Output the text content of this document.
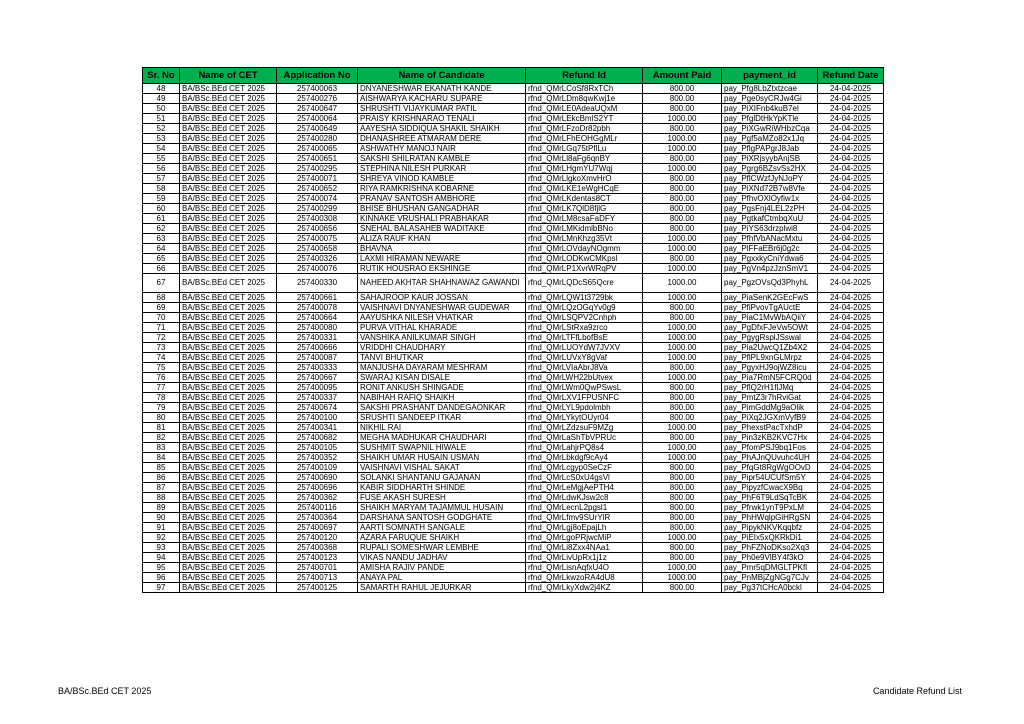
Sr. No	Name of CET	Application No	Name of Candidate	Refund Id	Amount Paid	payment_id	Refund Date
48	BA/BSc.BEd CET 2025	257400063	DNYANESHWAR EKANATH KANDE	rfnd_QMrLCoSf8RxTCh	800.00	pay_Pfg8LbZtxtzcae	24-04-2025
49	BA/BSc.BEd CET 2025	257400276	AISHWARYA KACHARU SUPARE	rfnd_QMrLDm8qwKwj1e	800.00	pay_Pge0syCRJw4Gi	24-04-2025
50	BA/BSc.BEd CET 2025	257400647	SHRUSHTI VIJAYKUMAR PATIL	rfnd_QMrLE0AdeaUQxM	800.00	pay_PiXIFnb4kuB7el	24-04-2025
51	BA/BSc.BEd CET 2025	257400064	PRAISY KRISHNARAO TENALI	rfnd_QMrLEkcBmlS2YT	1000.00	pay_PfglDtHkYpKTle	24-04-2025
52	BA/BSc.BEd CET 2025	257400649	AAYESHA SIDDIQUA SHAKIL SHAIKH	rfnd_QMrLFzoDr82pbh	800.00	pay_PiXGwRiWHbzCqa	24-04-2025
53	BA/BSc.BEd CET 2025	257400280	DHANASHREE ATMARAM DERE	rfnd_QMrLFhEOHGgMLr	1000.00	pay_Pgf5aMZo82x1Jq	24-04-2025
54	BA/BSc.BEd CET 2025	257400065	ASHWATHY MANOJ NAIR	rfnd_QMrLGq75tPflLu	1000.00	pay_PflgPAPgrJ8Jab	24-04-2025
55	BA/BSc.BEd CET 2025	257400651	SAKSHI SHILRATAN KAMBLE	rfnd_QMrLl8aFg6qnBY	800.00	pay_PiXRjsyybAnjSB	24-04-2025
56	BA/BSc.BEd CET 2025	257400295	STEPHINA NILESH PURKAR	rfnd_QMrLHgmYU7Wqj	1000.00	pay_Pgrg6BZsvSs2HX	24-04-2025
57	BA/BSc.BEd CET 2025	257400071	SHREYA VINOD KAMBLE	rfnd_QMrLlgkoXmvHrO	800.00	pay_PflCWzfJyNJoPY	24-04-2025
58	BA/BSc.BEd CET 2025	257400652	RIYA RAMKRISHNA KOBARNE	rfnd_QMrLKE1eWgHCqE	800.00	pay_PiXNd72B7w8Vfe	24-04-2025
59	BA/BSc.BEd CET 2025	257400074	PRANAV SANTOSH AMBHORE	rfnd_QMrLKdentas8CT	800.00	pay_PfhvOXlOyfiw1x	24-04-2025
60	BA/BSc.BEd CET 2025	257400299	BHISE BHUSHAN GANGADHAR	rfnd_QMrLK7QlD8fjlG	800.00	pay_PgsFnj4LEL2zPH	24-04-2025
61	BA/BSc.BEd CET 2025	257400308	KINNAKE VRUSHALI PRABHAKAR	rfnd_QMrLM8csaFaDFY	800.00	pay_PgtkafCtmbqXuU	24-04-2025
62	BA/BSc.BEd CET 2025	257400656	SNEHAL BALASAHEB WADITAKE	rfnd_QMrLMKidmlbBNo	800.00	pay_PiYS63drzplwi8	24-04-2025
63	BA/BSc.BEd CET 2025	257400075	ALIZA RAUF KHAN	rfnd_QMrLMnKhzg35Vt	1000.00	pay_PfhfVbANacMxtu	24-04-2025
64	BA/BSc.BEd CET 2025	257400658	BHAVNA	rfnd_QMrLOVdayNOgmm	1000.00	pay_PlFFaEBr6j0g2c	24-04-2025
65	BA/BSc.BEd CET 2025	257400326	LAXMI HIRAMAN NEWARE	rfnd_QMrLODKwCMKpsl	800.00	pay_PgxxkyCniYdwa6	24-04-2025
66	BA/BSc.BEd CET 2025	257400076	RUTIK HOUSRAO EKSHINGE	rfnd_QMrLP1XvrWRqPV	1000.00	pay_PgVn4pzJznSmV1	24-04-2025
67	BA/BSc.BEd CET 2025	257400330	NAHEED AKHTAR SHAHNAWAZ GAWANDI	rfnd_QMrLQDcS65Qcre	1000.00	pay_PgzOVsQd3PhyhL	24-04-2025
68	BA/BSc.BEd CET 2025	257400661	SAHAJROOP KAUR JOSSAN	rfnd_QMrLQW1t3729bk	1000.00	pay_PiaSenK2GEcFwS	24-04-2025
69	BA/BSc.BEd CET 2025	257400078	VAISHNAVI DNYANESHWAR GUDEWAR	rfnd_QMrLQzOGqYv0g9	800.00	pay_PfiPvovTgAUctE	24-04-2025
70	BA/BSc.BEd CET 2025	257400664	AAYUSHKA NILESH VHATKAR	rfnd_QMrLSQPV2Cnhph	800.00	pay_PiaC1MvWbAQiiY	24-04-2025
71	BA/BSc.BEd CET 2025	257400080	PURVA VITHAL KHARADE	rfnd_QMrLStRxa9zrco	1000.00	pay_PgDfxFJeVw5OWt	24-04-2025
72	BA/BSc.BEd CET 2025	257400331	VANSHIKA ANILKUMAR SINGH	rfnd_QMrLTFfLbofBsE	1000.00	pay_PgygRsplJSswal	24-04-2025
73	BA/BSc.BEd CET 2025	257400666	VRIDDHI CHAUDHARY	rfnd_QMrLUOYdW7JVXV	1000.00	pay_Pia2UwcQ1Zb4X2	24-04-2025
74	BA/BSc.BEd CET 2025	257400087	TANVI BHUTKAR	rfnd_QMrLUVxY8gVaf	1000.00	pay_PflPL9xnGLMrpz	24-04-2025
75	BA/BSc.BEd CET 2025	257400333	MANJUSHA DAYARAM MESHRAM	rfnd_QMrLVIaAbrJ8Va	800.00	pay_PgyxHJ9ojWZ8icu	24-04-2025
76	BA/BSc.BEd CET 2025	257400667	SWARAJ KISAN DISALE	rfnd_QMrLWH22bUtvex	1000.00	pay_Pia7RmN5FCRQ0d	24-04-2025
77	BA/BSc.BEd CET 2025	257400095	RONIT ANKUSH SHINGADE	rfnd_QMrLWm0QwPSwsL	800.00	pay_PflQ2rH1flJMq	24-04-2025
78	BA/BSc.BEd CET 2025	257400337	NABIHAH RAFIQ SHAIKH	rfnd_QMrLXV1FPUSNFC	800.00	pay_PmtZ3r7hRviGat	24-04-2025
79	BA/BSc.BEd CET 2025	257400674	SAKSHI PRASHANT DANDEGAONKAR	rfnd_QMrLYL9pdolmbh	800.00	pay_PimGddMg9aOlik	24-04-2025
80	BA/BSc.BEd CET 2025	257400100	SRUSHTI SANDEEP ITKAR	rfnd_QMrLYkytOUyr04	800.00	pay_PiXq2JGXmVyfB9	24-04-2025
81	BA/BSc.BEd CET 2025	257400341	NIKHIL RAI	rfnd_QMrLZdzsuF9MZg	1000.00	pay_PhexstPacTxhdP	24-04-2025
82	BA/BSc.BEd CET 2025	257400682	MEGHA MADHUKAR CHAUDHARI	rfnd_QMrLaShTbVPRUc	800.00	pay_Pin3zKB2KVC7Hx	24-04-2025
83	BA/BSc.BEd CET 2025	257400105	SUSHMIT SWAPNIL HIWALE	rfnd_QMrLahjrPQ8s4	1000.00	pay_PfomPSJ9bq1Fos	24-04-2025
84	BA/BSc.BEd CET 2025	257400352	SHAIKH UMAR HUSAIN USMAN	rfnd_QMrLbkdgf9cAy4	1000.00	pay_PhAJnQUvuhc4UH	24-04-2025
85	BA/BSc.BEd CET 2025	257400109	VAISHNAVI VISHAL SAKAT	rfnd_QMrLcgyp0SeCzF	800.00	pay_PfqGt8RgWgOOvD	24-04-2025
86	BA/BSc.BEd CET 2025	257400690	SOLANKI SHANTANU GAJANAN	rfnd_QMrLcS0xU4gsVl	800.00	pay_Pipr54UCUfSm5Y	24-04-2025
87	BA/BSc.BEd CET 2025	257400696	KABIR SIDDHARTH SHINDE	rfnd_QMrLeMgjAePTH4	800.00	pay_PipyzfCwacX9Bq	24-04-2025
88	BA/BSc.BEd CET 2025	257400362	FUSE AKASH SURESH	rfnd_QMrLdwKJsw2c8	800.00	pay_PhF6T9LdSqTcBK	24-04-2025
89	BA/BSc.BEd CET 2025	257400116	SHAIKH MARYAM TAJAMMUL HUSAIN	rfnd_QMrLecnL2pgsl1	800.00	pay_Pfrwk1ynT9PxLM	24-04-2025
90	BA/BSc.BEd CET 2025	257400364	DARSHANA SANTOSH GODGHATE	rfnd_QMrLfmv9SUrYlR	800.00	pay_PhHWqlpGiHRgSN	24-04-2025
91	BA/BSc.BEd CET 2025	257400697	AARTI SOMNATH SANGALE	rfnd_QMrLgj8oEpajLh	800.00	pay_PipykNKVKqqbfz	24-04-2025
92	BA/BSc.BEd CET 2025	257400120	AZARA FARUQUE SHAIKH	rfnd_QMrLgoPRjwcMiP	1000.00	pay_PiEIx5xQKRkDi1	24-04-2025
93	BA/BSc.BEd CET 2025	257400368	RUPALI SOMESHWAR LEMBHE	rfnd_QMrLi8Zxx4NAa1	800.00	pay_PhFZNoDKso2Xq3	24-04-2025
94	BA/BSc.BEd CET 2025	257400123	VIKAS NANDU JADHAV	rfnd_QMrLivUpRx1j1z	800.00	pay_Ph0e9VlBY4f3kO	24-04-2025
95	BA/BSc.BEd CET 2025	257400701	AMISHA RAJIV PANDE	rfnd_QMrLisnAqfxU4O	1000.00	pay_Pmr5qDMGLTPKfl	24-04-2025
96	BA/BSc.BEd CET 2025	257400713	ANAYA PAL	rfnd_QMrLkwzoRA4dU8	1000.00	pay_PnMBjZgNGg7CJv	24-04-2025
97	BA/BSc.BEd CET 2025	257400125	SAMARTH RAHUL JEJURKAR	rfnd_QMrLkyXdw2j4KZ	800.00	pay_Pg37tCHcA0bckl	24-04-2025
BA/BSc.BEd CET 2025	Candidate Refund List
